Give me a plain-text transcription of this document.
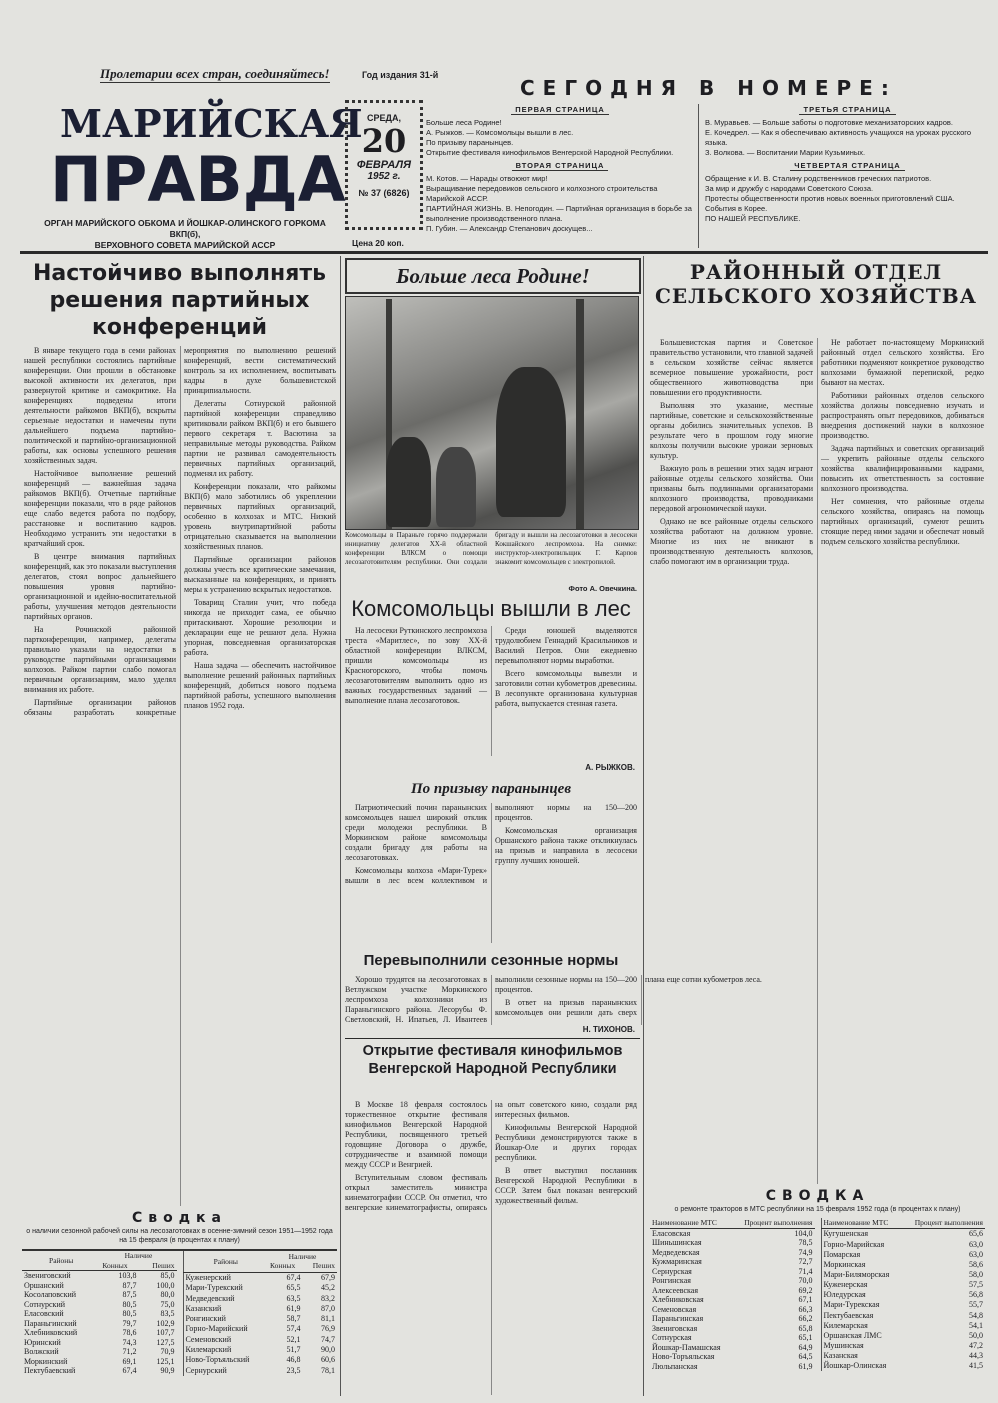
Пролетарии всех стран, соединяйтесь!	Год издания 31-й
МАРИЙСКАЯ
ПРАВДА
ОРГАН МАРИЙСКОГО ОБКОМА И ЙОШКАР-ОЛИНСКОГО ГОРКОМА ВКП(б),
ВЕРХОВНОГО СОВЕТА МАРИЙСКОЙ АССР
СРЕДА,
20
ФЕВРАЛЯ
1952 г.
№ 37 (6826)
Цена 20 коп.
СЕГОДНЯ В НОМЕРЕ:
ПЕРВАЯ СТРАНИЦА
Больше леса Родине!
А. Рыжков. — Комсомольцы вышли в лес.
По призыву паранынцев.
Открытие фестиваля кинофильмов Венгерской Народной Республики.
ВТОРАЯ СТРАНИЦА
М. Котов. — Нарады отвоюют мир!
Выращивание передовиков сельского и колхозного строительства Марийской АССР.
ПАРТИЙНАЯ ЖИЗНЬ. В. Непогодин. — Партийная организация в борьбе за выполнение производственного плана.
П. Губин. — Александр Степанович доскущев...
ТРЕТЬЯ СТРАНИЦА
В. Муравьев. — Больше заботы о подготовке механизаторских кадров.
Е. Кочедрел. — Как я обеспечиваю активность учащихся на уроках русского языка.
З. Волкова. — Воспитании Марии Кузьминых.
ЧЕТВЕРТАЯ СТРАНИЦА
Обращение к И. В. Сталину родственников греческих патриотов.
За мир и дружбу с народами Советского Союза.
Протесты общественности против новых военных приготовлений США.
События в Корее.
ПО НАШЕЙ РЕСПУБЛИКЕ.
Настойчиво выполнять решения партийных конференций

В январе текущего года в семи районах нашей республики состоялись партийные конференции. Они прошли в обстановке высокой активности их делегатов, при развернутой критике и самокритике. На конференциях подведены итоги деятельности райкомов ВКП(б), вскрыты серьезные недостатки и намечены пути дальнейшего подъема партийно-политической и партийно-организационной работы, как основы успешного решения хозяйственных задач.

Настойчивое выполнение решений конференций — важнейшая задача райкомов ВКП(б). Отчетные партийные конференции показали, что в ряде районов еще слабо ведется работа по подбору, расстановке и воспитанию кадров. Необходимо устранить эти недостатки в кратчайший срок.

В центре внимания партийных конференций, как это показали выступления делегатов, стоял вопрос дальнейшего повышения уровня партийно-организационной и идейно-воспитательной работы, улучшения методов деятельности партийных органов.

На Рочинской районной партконференции, например, делегаты правильно указали на недостатки в руководстве партийными организациями колхозов. Райком партии слабо помогал первичным организациям, мало уделял внимания их работе.

Партийные организации районов обязаны разработать конкретные мероприятия по выполнению решений конференций, вести систематический контроль за их исполнением, воспитывать кадры в духе большевистской принципиальности.

Делегаты Сотнурской районной партийной конференции справедливо критиковали райком ВКП(б) и его бывшего первого секретаря т. Васютина за неправильные методы руководства. Райком партии не развивал самодеятельность первичных партийных организаций, подменял их работу.

Конференции показали, что райкомы ВКП(б) мало заботились об укреплении первичных партийных организаций, особенно в колхозах и МТС. Низкий уровень внутрипартийной работы отрицательно сказывается на выполнении хозяйственных планов.

Партийные организации районов должны учесть все критические замечания, высказанные на конференциях, и принять меры к устранению вскрытых недостатков.

Товарищ Сталин учит, что победа никогда не приходит сама, ее обычно притаскивают. Хорошие резолюции и декларации еще не решают дела. Нужна упорная, повседневная организаторская работа.

Наша задача — обеспечить настойчивое выполнение решений районных партийных конференций, добиться нового подъема партийной работы, успешного выполнения планов 1952 года.

Больше леса Родине!
Комсомольцы в Параньге горячо поддержали инициативу делегатов XX-й областной конференции ВЛКСМ о помощи лесозаготовителям республики. Они создали бригаду и вышли на лесозаготовки в лесосеки Кокшайского леспромхоза. На снимке: инструктор-электропильщик Г. Карпов знакомит комсомольцев с электропилой.
Фото А. Овечкина.
Комсомольцы вышли в лес

На лесосеки Руткинского леспромхоза треста «Маритлес», по зову XX-й областной конференции ВЛКСМ, пришли комсомольцы из Красногорского, чтобы помочь лесозаготовителям выполнить одно из важных государственных заданий — выполнение плана лесозаготовок.

Среди юношей выделяются трудолюбием Геннадий Красильников и Василий Петров. Они ежедневно перевыполняют нормы выработки.

Всего комсомольцы вывезли и заготовили сотни кубометров древесины. В лесопункте организована культурная работа, выпускается стенная газета.

А. РЫЖКОВ.
По призыву паранынцев

Патриотический почин паранынских комсомольцев нашел широкий отклик среди молодежи республики. В Моркинском районе комсомольцы создали бригаду для работы на лесозаготовках.

Комсомольцы колхоза «Мари-Турек» вышли в лес всем коллективом и выполняют нормы на 150—200 процентов.

Комсомольская организация Оршанского района также откликнулась на призыв и направила в лесосеки группу лучших юношей.

Перевыполнили сезонные нормы

Хорошо трудятся на лесозаготовках в Ветлужском участке Моркинского леспромхоза колхозники из Параньгинского района. Лесорубы Ф. Светловский, Н. Ипатьев, Л. Ивантеев выполнили сезонные нормы на 150—200 процентов.

В ответ на призыв паранынских комсомольцев они решили дать сверх плана еще сотни кубометров леса.

Н. ТИХОНОВ.
Открытие фестиваля кинофильмов Венгерской Народной Республики

В Москве 18 февраля состоялось торжественное открытие фестиваля кинофильмов Венгерской Народной Республики, посвященного третьей годовщине Договора о дружбе, сотрудничестве и взаимной помощи между СССР и Венгрией.

Вступительным словом фестиваль открыл заместитель министра кинематографии СССР. Он отметил, что венгерские кинематографисты, опираясь на опыт советского кино, создали ряд интересных фильмов.

Кинофильмы Венгерской Народной Республики демонстрируются также в Йошкар-Оле и других городах республики.

В ответ выступил посланник Венгерской Народной Республики в СССР. Затем был показан венгерский художественный фильм.

РАЙОННЫЙ ОТДЕЛ СЕЛЬСКОГО ХОЗЯЙСТВА

Большевистская партия и Советское правительство установили, что главной задачей в сельском хозяйстве сейчас является всемерное повышение урожайности, рост общественного животноводства при повышении его продуктивности.

Выполняя это указание, местные партийные, советские и сельскохозяйственные органы добились значительных успехов. В результате чего в прошлом году многие колхозы получили высокие урожаи зерновых культур.

Важную роль в решении этих задач играют районные отделы сельского хозяйства. Они призваны быть подлинными организаторами колхозного производства, проводниками передовой агрономической науки.

Однако не все районные отделы сельского хозяйства работают на должном уровне. Многие из них не вникают в производственную деятельность колхозов, слабо помогают им в организации труда.

Не работает по-настоящему Моркинский районный отдел сельского хозяйства. Его работники подменяют конкретное руководство колхозами бумажной перепиской, редко бывают на местах.

Работники районных отделов сельского хозяйства должны повседневно изучать и распространять опыт передовиков, добиваться внедрения достижений науки в колхозное производство.

Задача партийных и советских организаций — укрепить районные отделы сельского хозяйства квалифицированными кадрами, повысить их ответственность за состояние колхозного производства.

Нет сомнения, что районные отделы сельского хозяйства, опираясь на помощь партийных организаций, сумеют решить стоящие перед ними задачи и обеспечат новый подъем сельского хозяйства республики.

Сводка
о наличии сезонной рабочей силы на лесозаготовках в осенне-зимний сезон 1951—1952 года на 15 февраля (в процентах к плану)
Районы	Наличие
Конных Пеших	

Звениговский	103,8	85,0
Оршанский	87,7	100,0
Косолаповский	87,5	80,0
Сотнурский	80,5	75,0
Еласовский	80,5	83,5
Параньгинский	79,7	102,9
Хлебниковский	78,6	107,7
Юринский	74,3	127,5
Волжский	71,2	70,9
Моркинский	69,1	125,1
Пектубаевский	67,4	90,9
Районы	Наличие
Конных Пеших	

Куженерский	67,4	67,9
Мари-Турекский	65,5	45,2
Медведевский	63,5	83,2
Казанский	61,9	87,0
Ронгинский	58,7	81,1
Горно-Марийский	57,4	76,9
Семеновский	52,1	74,7
Килемарский	51,7	90,0
Ново-Торъяльский	46,8	60,6
Сернурский	23,5	78,1
СВОДКА
о ремонте тракторов в МТС республики на 15 февраля 1952 года (в процентах к плану)
Наименование МТС	Процент выполнения
Еласовская	104,0
Шиньшинская	78,5
Медведевская	74,9
Кужмаринская	72,7
Сернурская	71,4
Ронгинская	70,0
Алексеевская	69,2
Хлебниковская	67,1
Семеновская	66,3
Параньгинская	66,2
Звениговская	65,8
Сотнурская	65,1
Йошкар-Памашская	64,9
Ново-Торъяльская	64,5
Люльпанская	61,9
Наименование МТС	Процент выполнения
Кугушенская	65,6
Горно-Марийская	63,0
Помарская	63,0
Моркинская	58,6
Мари-Биляморская	58,0
Куженерская	57,5
Юледурская	56,8
Мари-Турекская	55,7
Пектубаевская	54,8
Килемарская	54,1
Оршанская ЛМС	50,0
Мушинская	47,2
Казанская	44,3
Йошкар-Олинская	41,5
